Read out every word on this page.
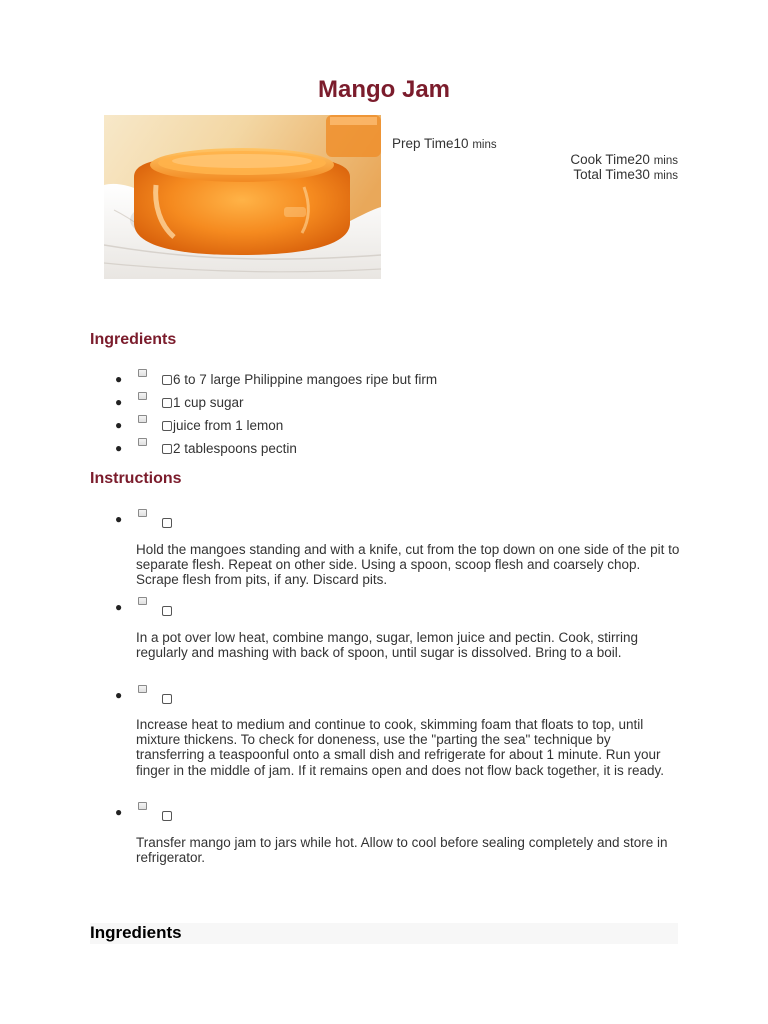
Mango Jam
Prep Time10 mins
Cook Time20 mins
Total Time30 mins
Ingredients
●	6 to 7 large Philippine mangoes ripe but firm
●	1 cup sugar
●	juice from 1 lemon
●	2 tablespoons pectin
Instructions
●

Hold the mangoes standing and with a knife, cut from the top down on one side of the pit to separate flesh. Repeat on other side. Using a spoon, scoop flesh and coarsely chop. Scrape flesh from pits, if any. Discard pits.

●

In a pot over low heat, combine mango, sugar, lemon juice and pectin. Cook, stirring regularly and mashing with back of spoon, until sugar is dissolved. Bring to a boil.

●

Increase heat to medium and continue to cook, skimming foam that floats to top, until mixture thickens. To check for doneness, use the "parting the sea" technique by transferring a teaspoonful onto a small dish and refrigerate for about 1 minute. Run your finger in the middle of jam. If it remains open and does not flow back together, it is ready.

●

Transfer mango jam to jars while hot. Allow to cool before sealing completely and store in refrigerator.

Ingredients
